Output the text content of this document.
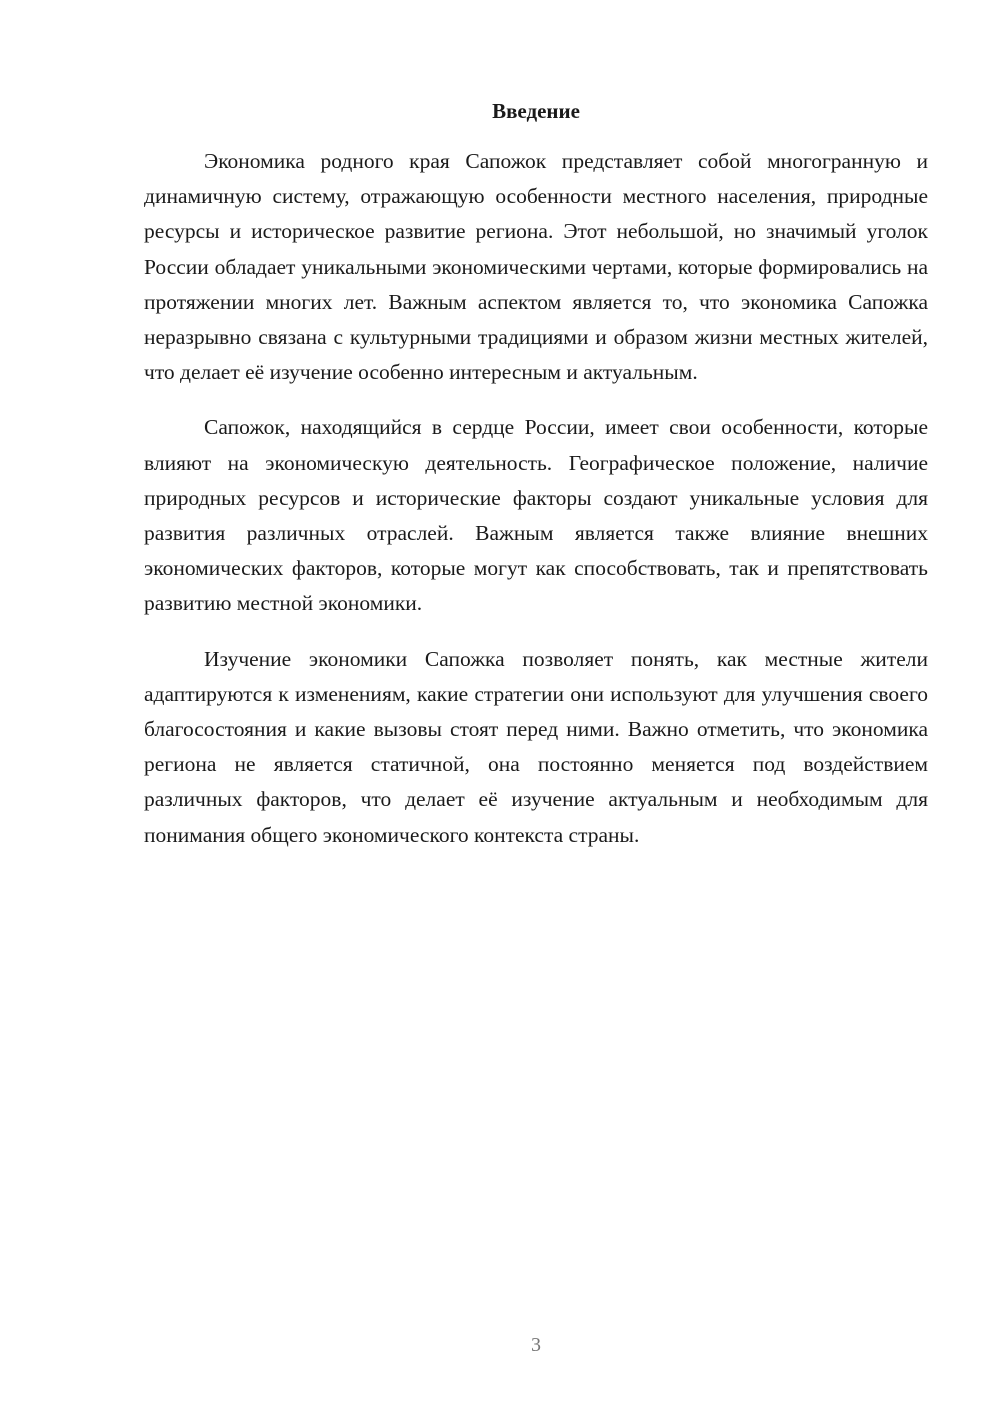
Введение

Экономика родного края Сапожок представляет собой многогранную и динамичную систему, отражающую особенности местного населения, природные ресурсы и историческое развитие региона. Этот небольшой, но значимый уголок России обладает уникальными экономическими чертами, которые формировались на протяжении многих лет. Важным аспектом является то, что экономика Сапожка неразрывно связана с культурными традициями и образом жизни местных жителей, что делает её изучение особенно интересным и актуальным.

Сапожок, находящийся в сердце России, имеет свои особенности, которые влияют на экономическую деятельность. Географическое положение, наличие природных ресурсов и исторические факторы создают уникальные условия для развития различных отраслей. Важным является также влияние внешних экономических факторов, которые могут как способствовать, так и препятствовать развитию местной экономики.

Изучение экономики Сапожка позволяет понять, как местные жители адаптируются к изменениям, какие стратегии они используют для улучшения своего благосостояния и какие вызовы стоят перед ними. Важно отметить, что экономика региона не является статичной, она постоянно меняется под воздействием различных факторов, что делает её изучение актуальным и необходимым для понимания общего экономического контекста страны.

3
